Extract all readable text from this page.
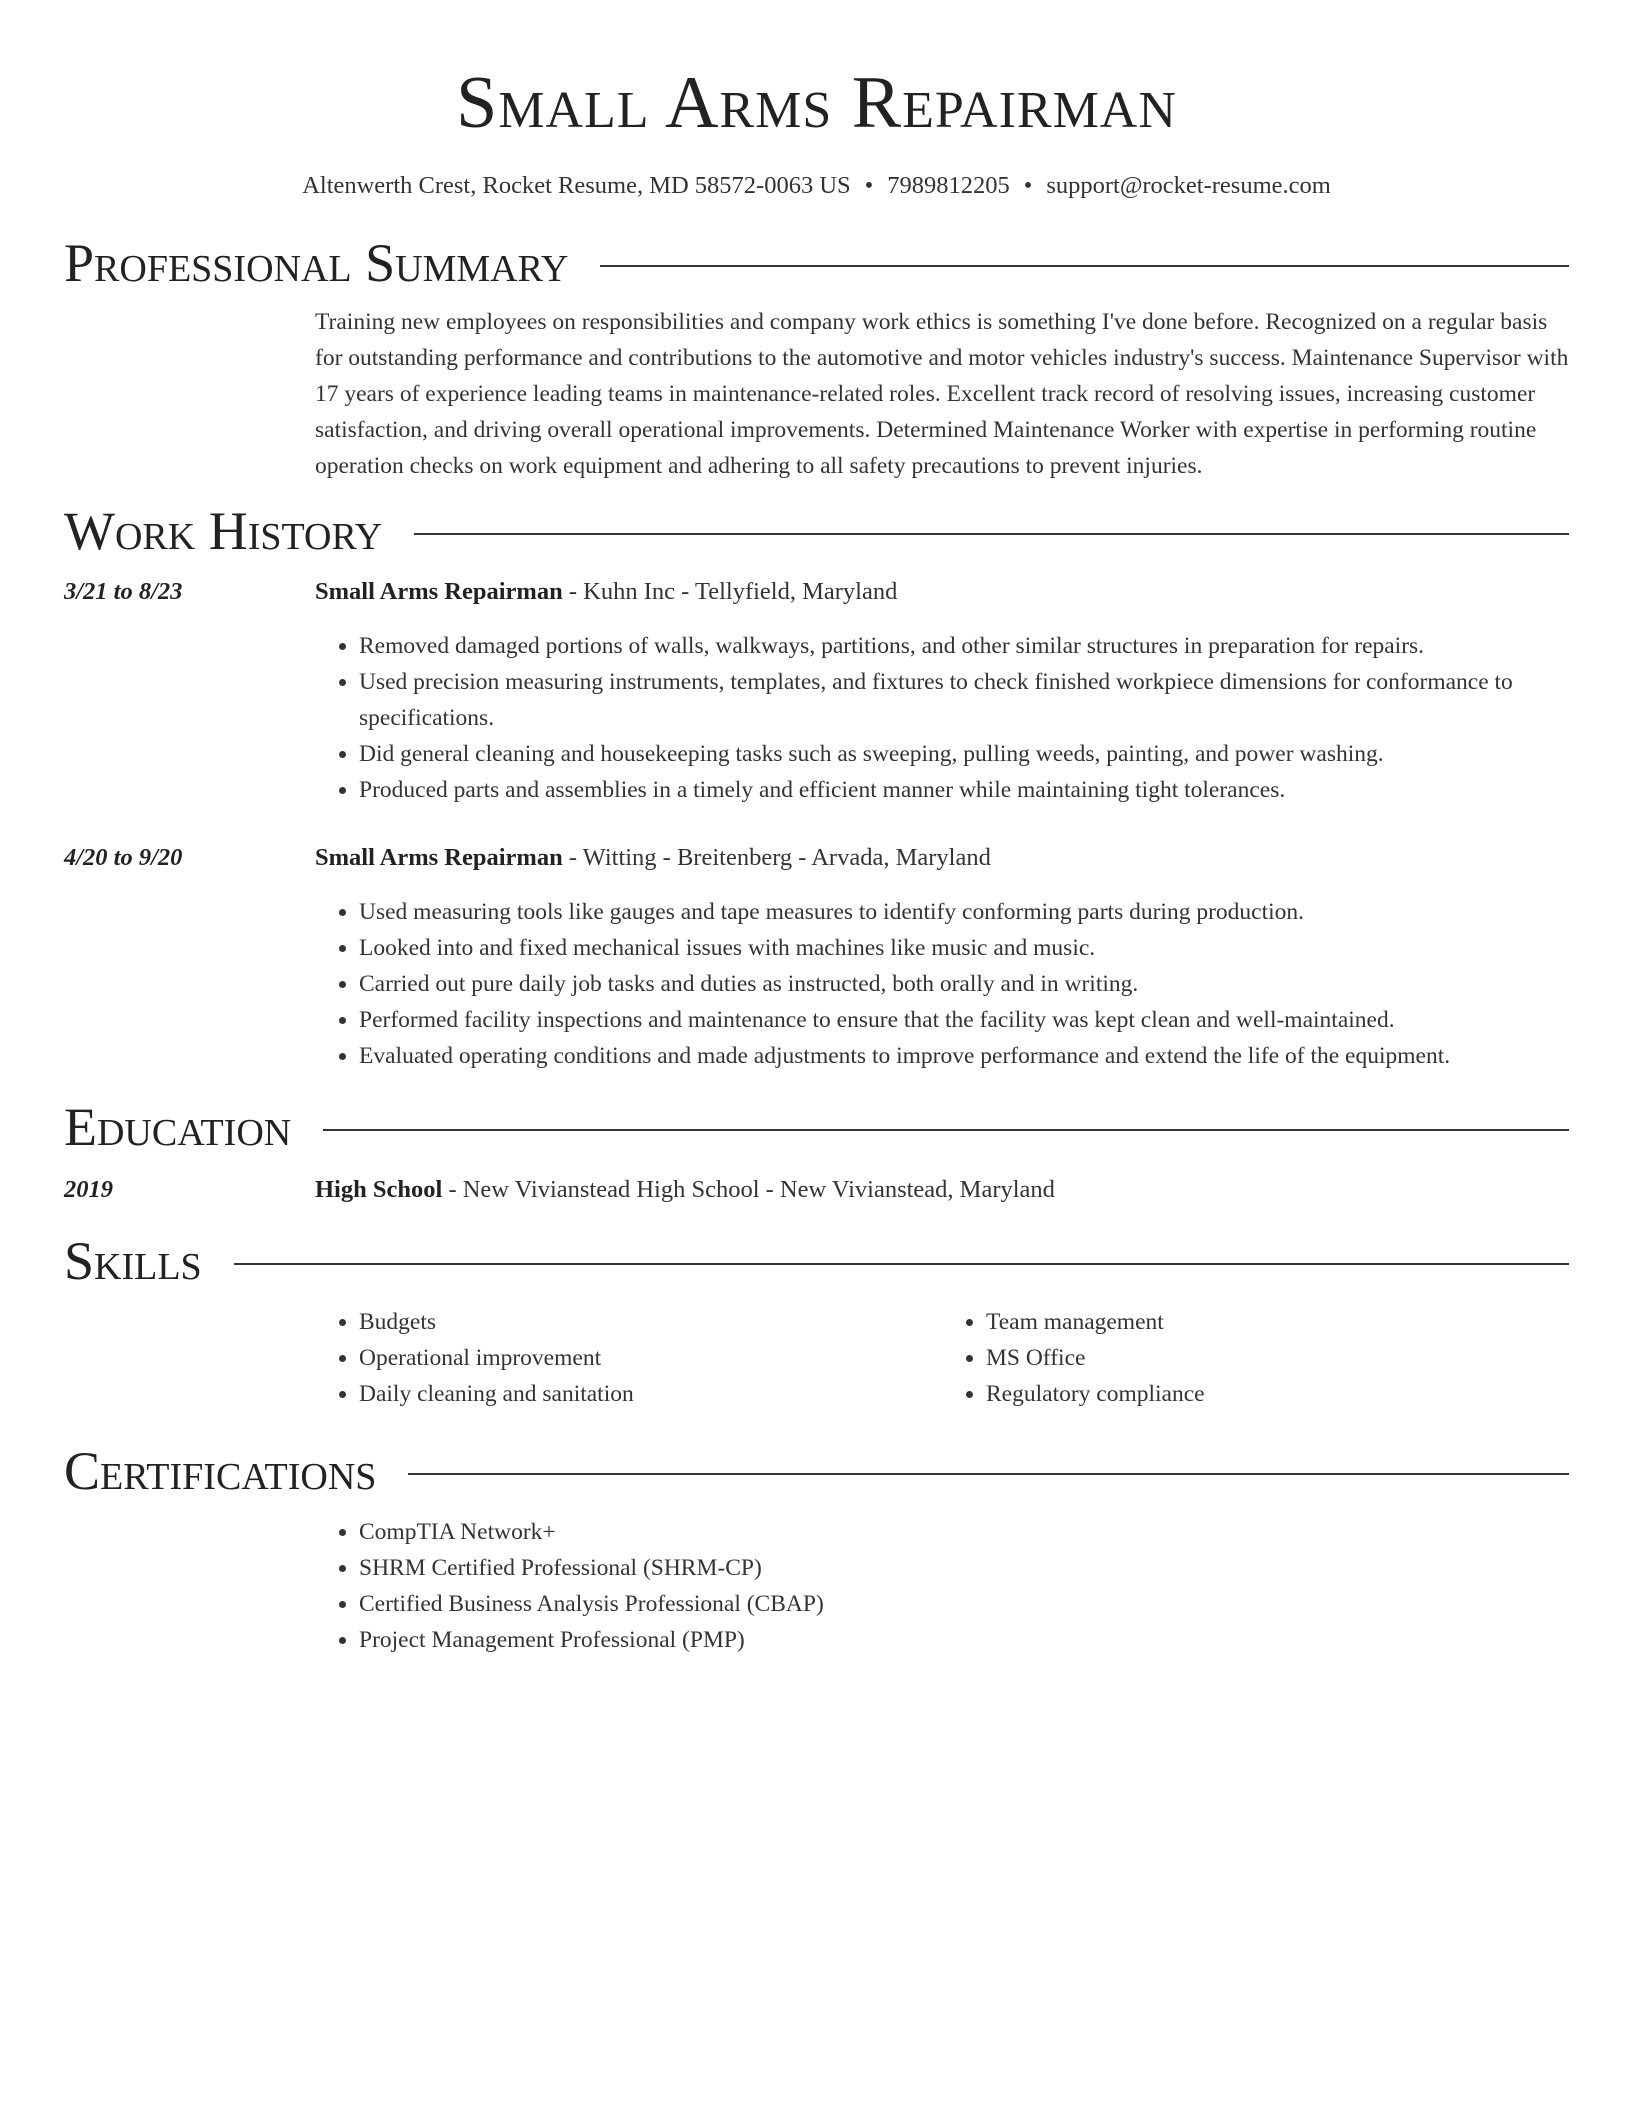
Small Arms Repairman
Altenwerth Crest, Rocket Resume, MD 58572-0063 US • 7989812205 • support@rocket-resume.com
Professional Summary

Training new employees on responsibilities and company work ethics is something I've done before. Recognized on a regular basis for outstanding performance and contributions to the automotive and motor vehicles industry's success. Maintenance Supervisor with 17 years of experience leading teams in maintenance-related roles. Excellent track record of resolving issues, increasing customer satisfaction, and driving overall operational improvements. Determined Maintenance Worker with expertise in performing routine operation checks on work equipment and adhering to all safety precautions to prevent injuries.

Work History
3/21 to 8/23	Small Arms Repairman - Kuhn Inc - Tellyfield, Maryland
• Removed damaged portions of walls, walkways, partitions, and other similar structures in preparation for repairs.
• Used precision measuring instruments, templates, and fixtures to check finished workpiece dimensions for conformance to specifications.
• Did general cleaning and housekeeping tasks such as sweeping, pulling weeds, painting, and power washing.
• Produced parts and assemblies in a timely and efficient manner while maintaining tight tolerances.
4/20 to 9/20	Small Arms Repairman - Witting - Breitenberg - Arvada, Maryland
• Used measuring tools like gauges and tape measures to identify conforming parts during production.
• Looked into and fixed mechanical issues with machines like music and music.
• Carried out pure daily job tasks and duties as instructed, both orally and in writing.
• Performed facility inspections and maintenance to ensure that the facility was kept clean and well-maintained.
• Evaluated operating conditions and made adjustments to improve performance and extend the life of the equipment.
Education
2019	High School - New Vivianstead High School - New Vivianstead, Maryland
Skills
• Budgets
• Operational improvement
• Daily cleaning and sanitation
• Team management
• MS Office
• Regulatory compliance
Certifications
• CompTIA Network+
• SHRM Certified Professional (SHRM-CP)
• Certified Business Analysis Professional (CBAP)
• Project Management Professional (PMP)
